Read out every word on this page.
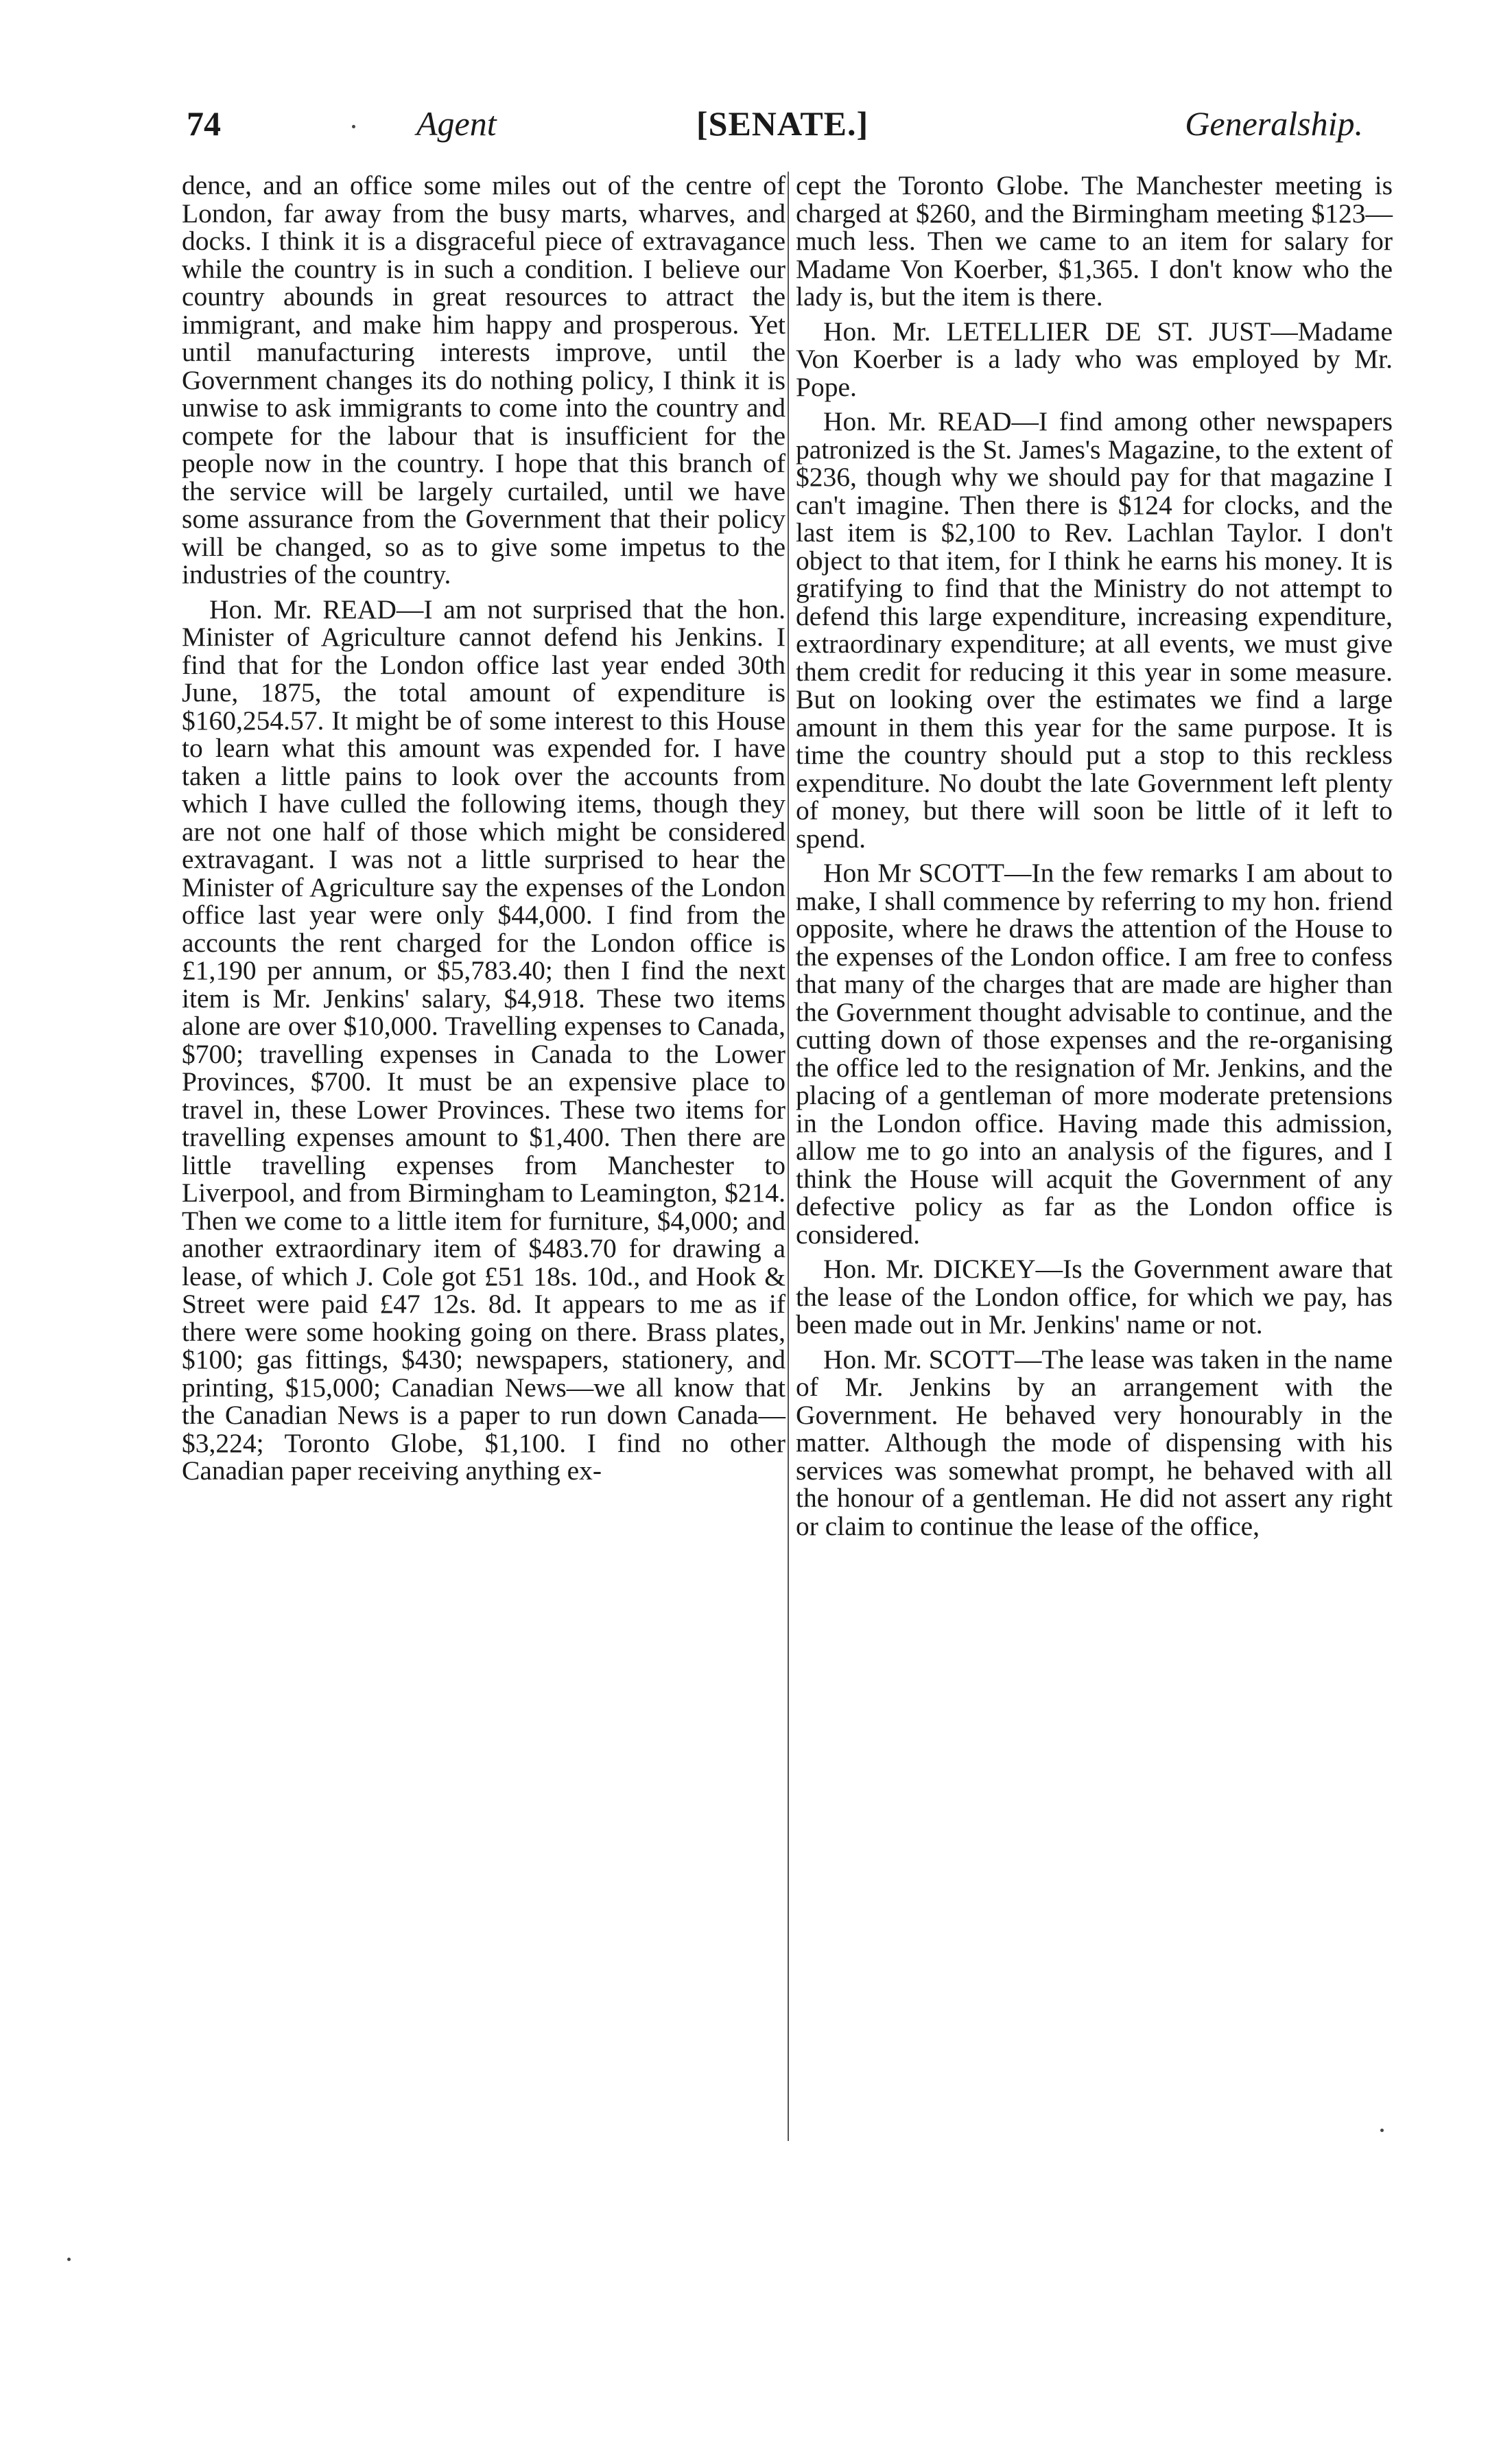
74	Agent	[SENATE.]	Generalship.

dence, and an office some miles out of the centre of London, far away from the busy marts, wharves, and docks. I think it is a disgraceful piece of extravagance while the country is in such a condition. I believe our country abounds in great resources to attract the immigrant, and make him happy and prosperous. Yet until manufacturing interests improve, until the Government changes its do nothing policy, I think it is unwise to ask immigrants to come into the country and compete for the labour that is insufficient for the people now in the country. I hope that this branch of the service will be largely curtailed, until we have some assurance from the Government that their policy will be changed, so as to give some impetus to the industries of the country.

Hon. Mr. READ—I am not surprised that the hon. Minister of Agriculture cannot defend his Jenkins. I find that for the London office last year ended 30th June, 1875, the total amount of expenditure is $160,254.57. It might be of some interest to this House to learn what this amount was expended for. I have taken a little pains to look over the accounts from which I have culled the following items, though they are not one half of those which might be considered extravagant. I was not a little surprised to hear the Minister of Agriculture say the expenses of the London office last year were only $44,000. I find from the accounts the rent charged for the London office is £1,190 per annum, or $5,783.40; then I find the next item is Mr. Jenkins' salary, $4,918. These two items alone are over $10,000. Travelling expenses to Canada, $700; travelling expenses in Canada to the Lower Provinces, $700. It must be an expensive place to travel in, these Lower Provinces. These two items for travelling expenses amount to $1,400. Then there are little travelling expenses from Manchester to Liverpool, and from Birmingham to Leamington, $214. Then we come to a little item for furniture, $4,000; and another extraordinary item of $483.70 for drawing a lease, of which J. Cole got £51 18s. 10d., and Hook & Street were paid £47 12s. 8d. It appears to me as if there were some hooking going on there. Brass plates, $100; gas fittings, $430; newspapers, stationery, and printing, $15,000; Canadian News—we all know that the Canadian News is a paper to run down Canada—$3,224; Toronto Globe, $1,100. I find no other Canadian paper receiving anything ex-

cept the Toronto Globe. The Manchester meeting is charged at $260, and the Birmingham meeting $123—much less. Then we came to an item for salary for Madame Von Koerber, $1,365. I don't know who the lady is, but the item is there.

Hon. Mr. LETELLIER DE ST. JUST—Madame Von Koerber is a lady who was employed by Mr. Pope.

Hon. Mr. READ—I find among other newspapers patronized is the St. James's Magazine, to the extent of $236, though why we should pay for that magazine I can't imagine. Then there is $124 for clocks, and the last item is $2,100 to Rev. Lachlan Taylor. I don't object to that item, for I think he earns his money. It is gratifying to find that the Ministry do not attempt to defend this large expenditure, increasing expenditure, extraordinary expenditure; at all events, we must give them credit for reducing it this year in some measure. But on looking over the estimates we find a large amount in them this year for the same purpose. It is time the country should put a stop to this reckless expenditure. No doubt the late Government left plenty of money, but there will soon be little of it left to spend.

Hon Mr SCOTT—In the few remarks I am about to make, I shall commence by referring to my hon. friend opposite, where he draws the attention of the House to the expenses of the London office. I am free to confess that many of the charges that are made are higher than the Government thought advisable to continue, and the cutting down of those expenses and the re-organising the office led to the resignation of Mr. Jenkins, and the placing of a gentleman of more moderate pretensions in the London office. Having made this admission, allow me to go into an analysis of the figures, and I think the House will acquit the Government of any defective policy as far as the London office is considered.

Hon. Mr. DICKEY—Is the Government aware that the lease of the London office, for which we pay, has been made out in Mr. Jenkins' name or not.

Hon. Mr. SCOTT—The lease was taken in the name of Mr. Jenkins by an arrangement with the Government. He behaved very honourably in the matter. Although the mode of dispensing with his services was somewhat prompt, he behaved with all the honour of a gentleman. He did not assert any right or claim to continue the lease of the office,
